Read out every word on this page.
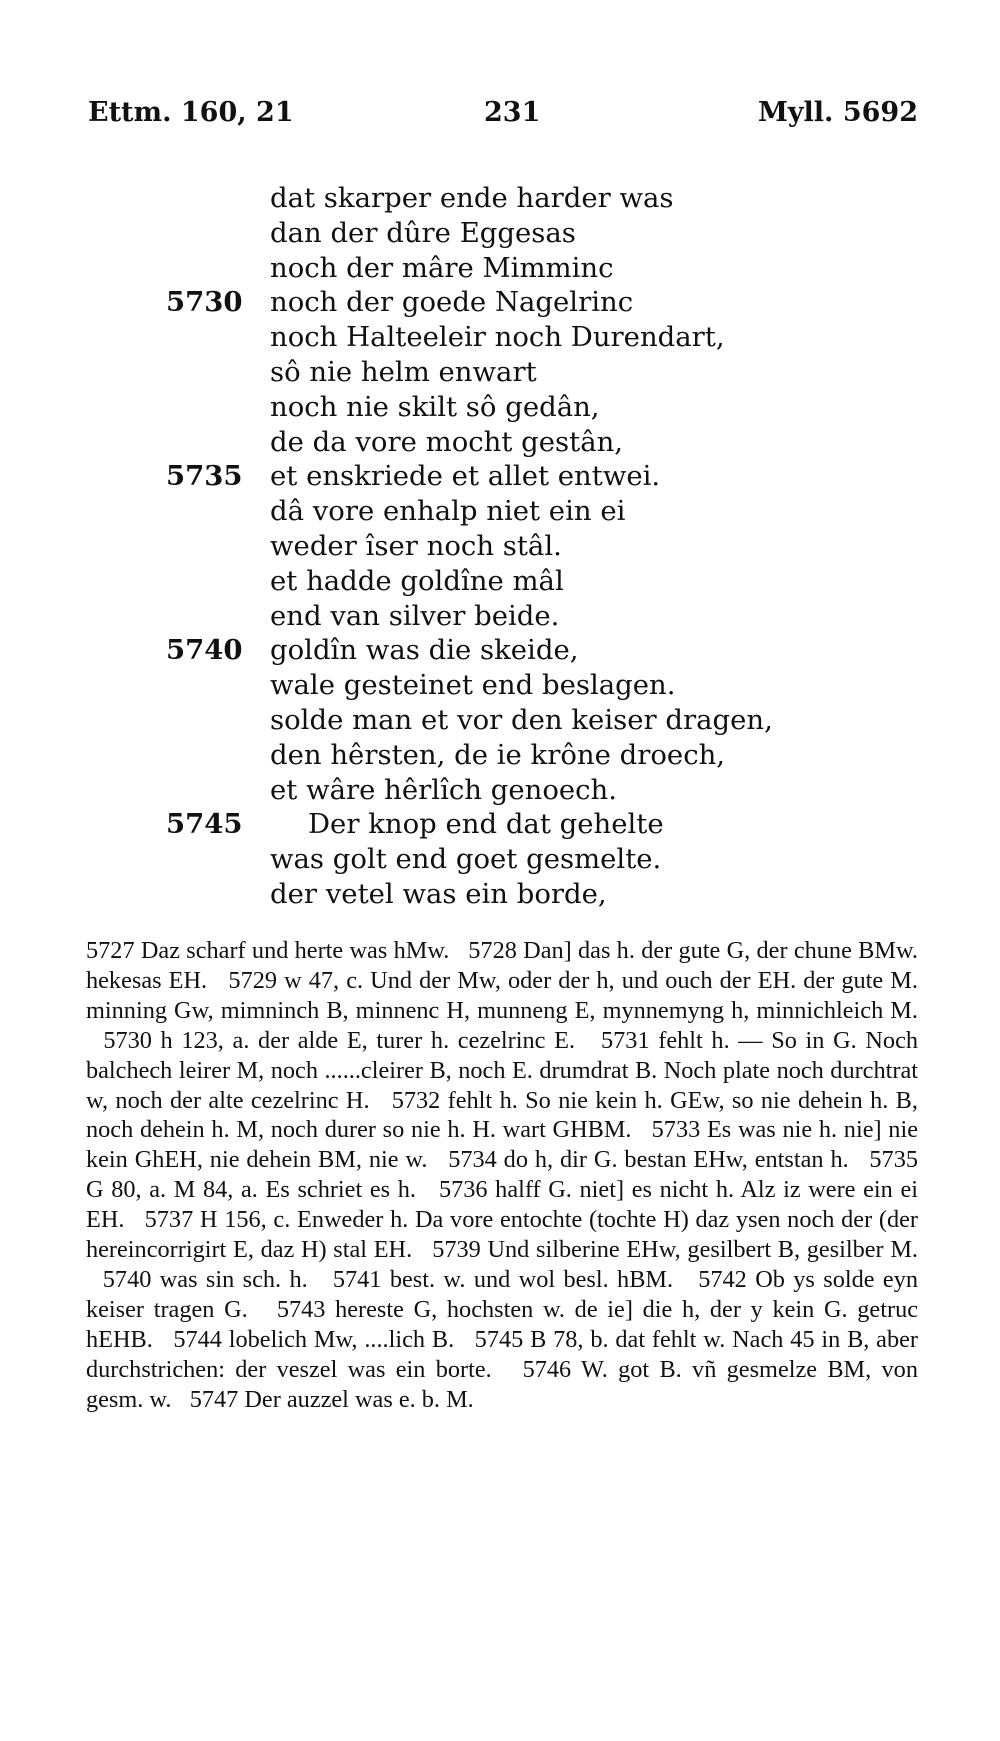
Ettm. 160, 21	231	Myll. 5692
dat skarper ende harder was
dan der dûre Eggesas
noch der mâre Mimminc
5730 noch der goede Nagelrinc
noch Halteeleir noch Durendart,
sô nie helm enwart
noch nie skilt sô gedân,
de da vore mocht gestân,
5735 et enskriede et allet entwei.
dâ vore enhalp niet ein ei
weder îser noch stâl.
et hadde goldîne mâl
end van silver beide.
5740 goldîn was die skeide,
wale gesteinet end beslagen.
solde man et vor den keiser dragen,
den hêrsten, de ie krône droech,
et wâre hêrlîch genoech.
5745 Der knop end dat gehelte
was golt end goet gesmelte.
der vetel was ein borde,
5727 Daz scharf und herte was hMw. 5728 Dan] das h. der gute G, der chune BMw. hekesas EH. 5729 w 47, c. Und der Mw, oder der h, und ouch der EH. der gute M. minning Gw, mimninch B, minnenc H, munneng E, mynnemyng h, minnichleich M.   5730 h 123, a. der alde E, turer h. cezelrinc E. 5731 fehlt h. — So in G. Noch balchech leirer M, noch ......cleirer B, noch E. drumdrat B. Noch plate noch durchtrat w, noch der alte cezelrinc H. 5732 fehlt h. So nie kein h. GEw, so nie dehein h. B, noch dehein h. M, noch durer so nie h. H. wart GHBM. 5733 Es was nie h. nie] nie kein GhEH, nie dehein BM, nie w. 5734 do h, dir G. bestan EHw, entstan h. 5735 G 80, a. M 84, a. Es schriet es h. 5736 halff G. niet] es nicht h. Alz iz were ein ei EH. 5737 H 156, c. Enweder h. Da vore entochte (tochte H) daz ysen noch der (der hereincorrigirt E, daz H) stal EH. 5739 Und silberine EHw, gesilbert B, gesilber M.   5740 was sin sch. h. 5741 best. w. und wol besl. hBM. 5742 Ob ys solde eyn keiser tragen G. 5743 hereste G, hochsten w. de ie] die h, der y kein G. getruc hEHB. 5744 lobelich Mw, ....lich B. 5745 B 78, b. dat fehlt w. Nach 45 in B, aber durchstrichen: der veszel was ein borte. 5746 W. got B. vñ gesmelze BM, von gesm. w. 5747 Der auzzel was e. b. M.
